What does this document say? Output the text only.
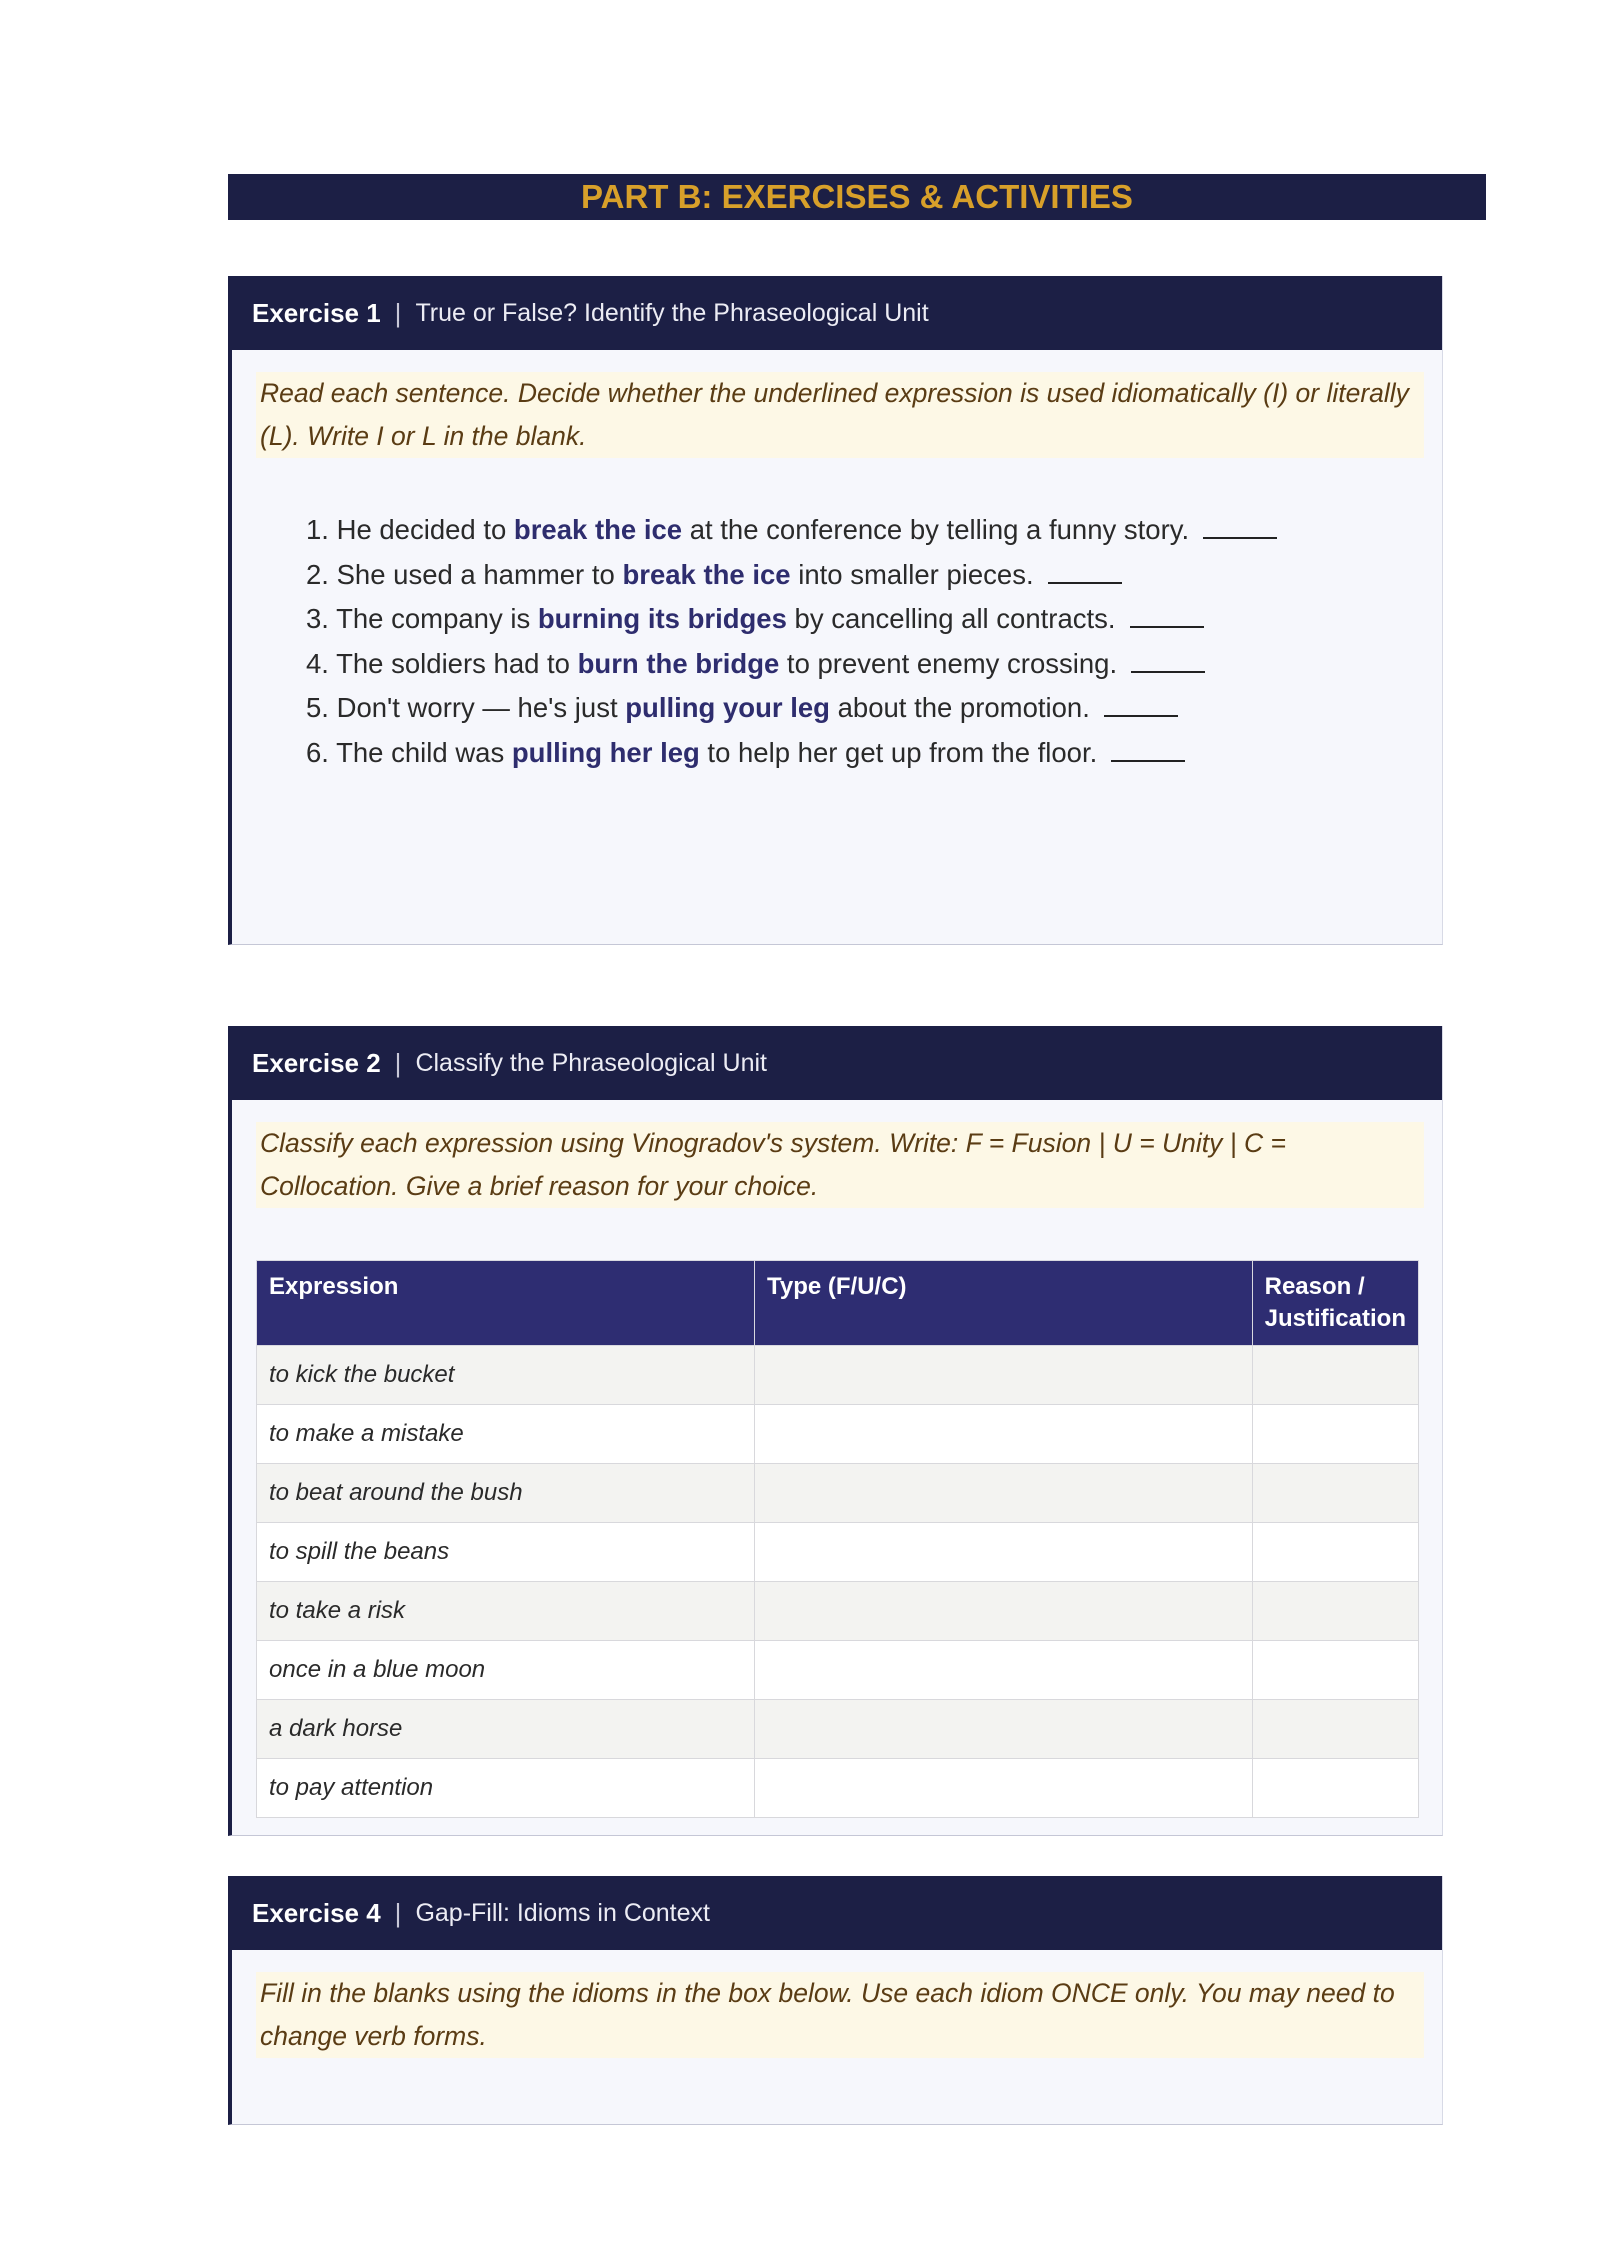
PART B: EXERCISES & ACTIVITIES
Exercise 1 | True or False? Identify the Phraseological Unit
Read each sentence. Decide whether the underlined expression is used idiomatically (I) or literally (L). Write I or L in the blank.
1. He decided to break the ice at the conference by telling a funny story.
2. She used a hammer to break the ice into smaller pieces.
3. The company is burning its bridges by cancelling all contracts.
4. The soldiers had to burn the bridge to prevent enemy crossing.
5. Don't worry — he's just pulling your leg about the promotion.
6. The child was pulling her leg to help her get up from the floor.
Exercise 2 | Classify the Phraseological Unit
Classify each expression using Vinogradov's system. Write: F = Fusion | U = Unity | C = Collocation. Give a brief reason for your choice.
Expression	Type (F/U/C)	Reason / Justification
to kick the bucket		
to make a mistake		
to beat around the bush		
to spill the beans		
to take a risk		
once in a blue moon		
a dark horse		
to pay attention		
Exercise 4 | Gap-Fill: Idioms in Context
Fill in the blanks using the idioms in the box below. Use each idiom ONCE only. You may need to change verb forms.
